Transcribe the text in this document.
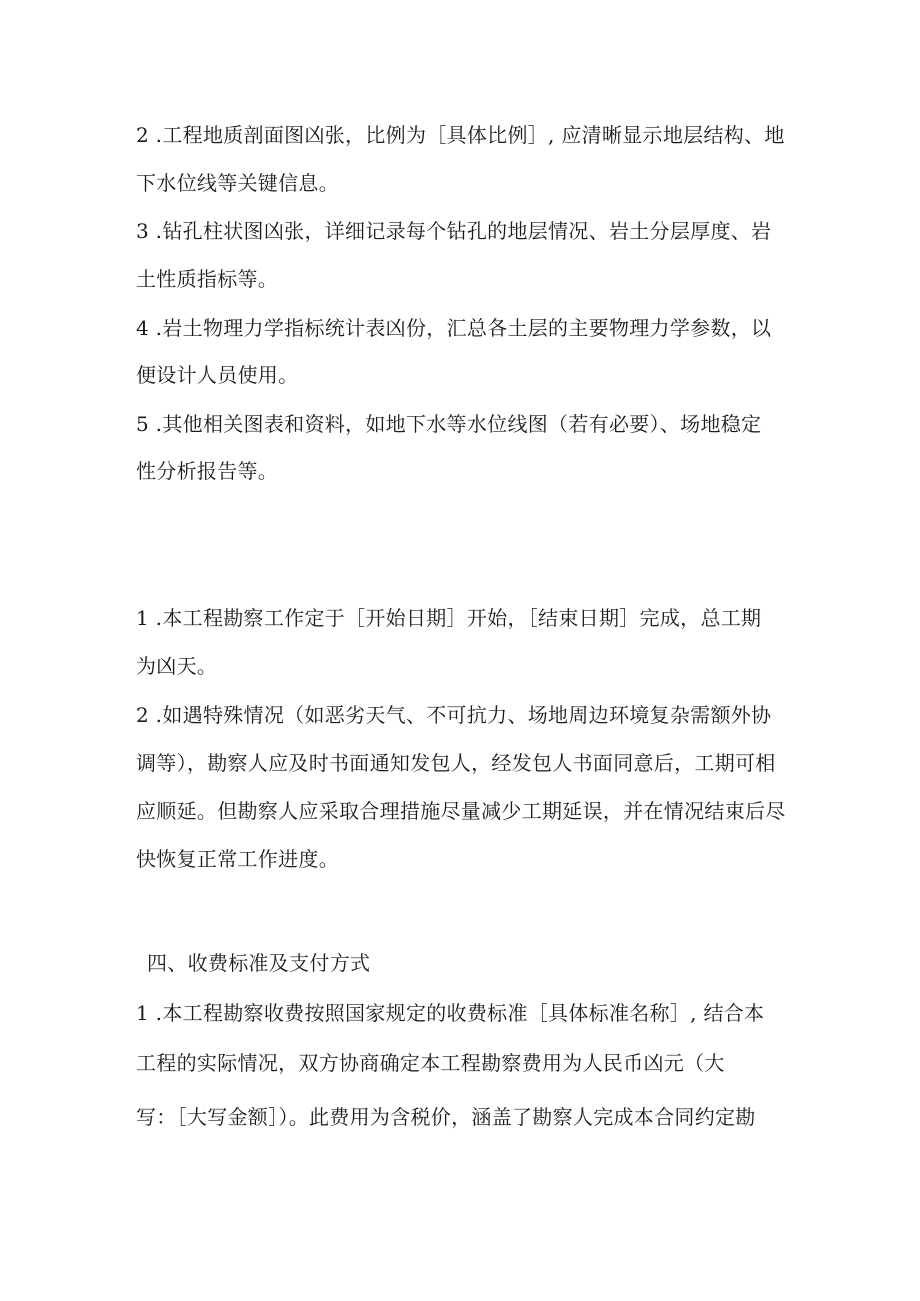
2 .工程地质剖面图凶张，比例为［具体比例］, 应清晰显示地层结构、地
下水位线等关键信息。
3 .钻孔柱状图凶张，详细记录每个钻孔的地层情况、岩土分层厚度、岩
土性质指标等。
4 .岩土物理力学指标统计表凶份，汇总各土层的主要物理力学参数，以
便设计人员使用。
5 .其他相关图表和资料，如地下水等水位线图（若有必要）、场地稳定
性分析报告等。
1 .本工程勘察工作定于［开始日期］开始，［结束日期］完成，总工期
为凶天。
2 .如遇特殊情况（如恶劣天气、不可抗力、场地周边环境复杂需额外协
调等），勘察人应及时书面通知发包人，经发包人书面同意后，工期可相
应顺延。但勘察人应采取合理措施尽量减少工期延误，并在情况结束后尽
快恢复正常工作进度。
四、收费标准及支付方式
1 .本工程勘察收费按照国家规定的收费标准［具体标准名称］, 结合本
工程的实际情况，双方协商确定本工程勘察费用为人民币凶元（大
写：［大写金额］）。此费用为含税价，涵盖了勘察人完成本合同约定勘
